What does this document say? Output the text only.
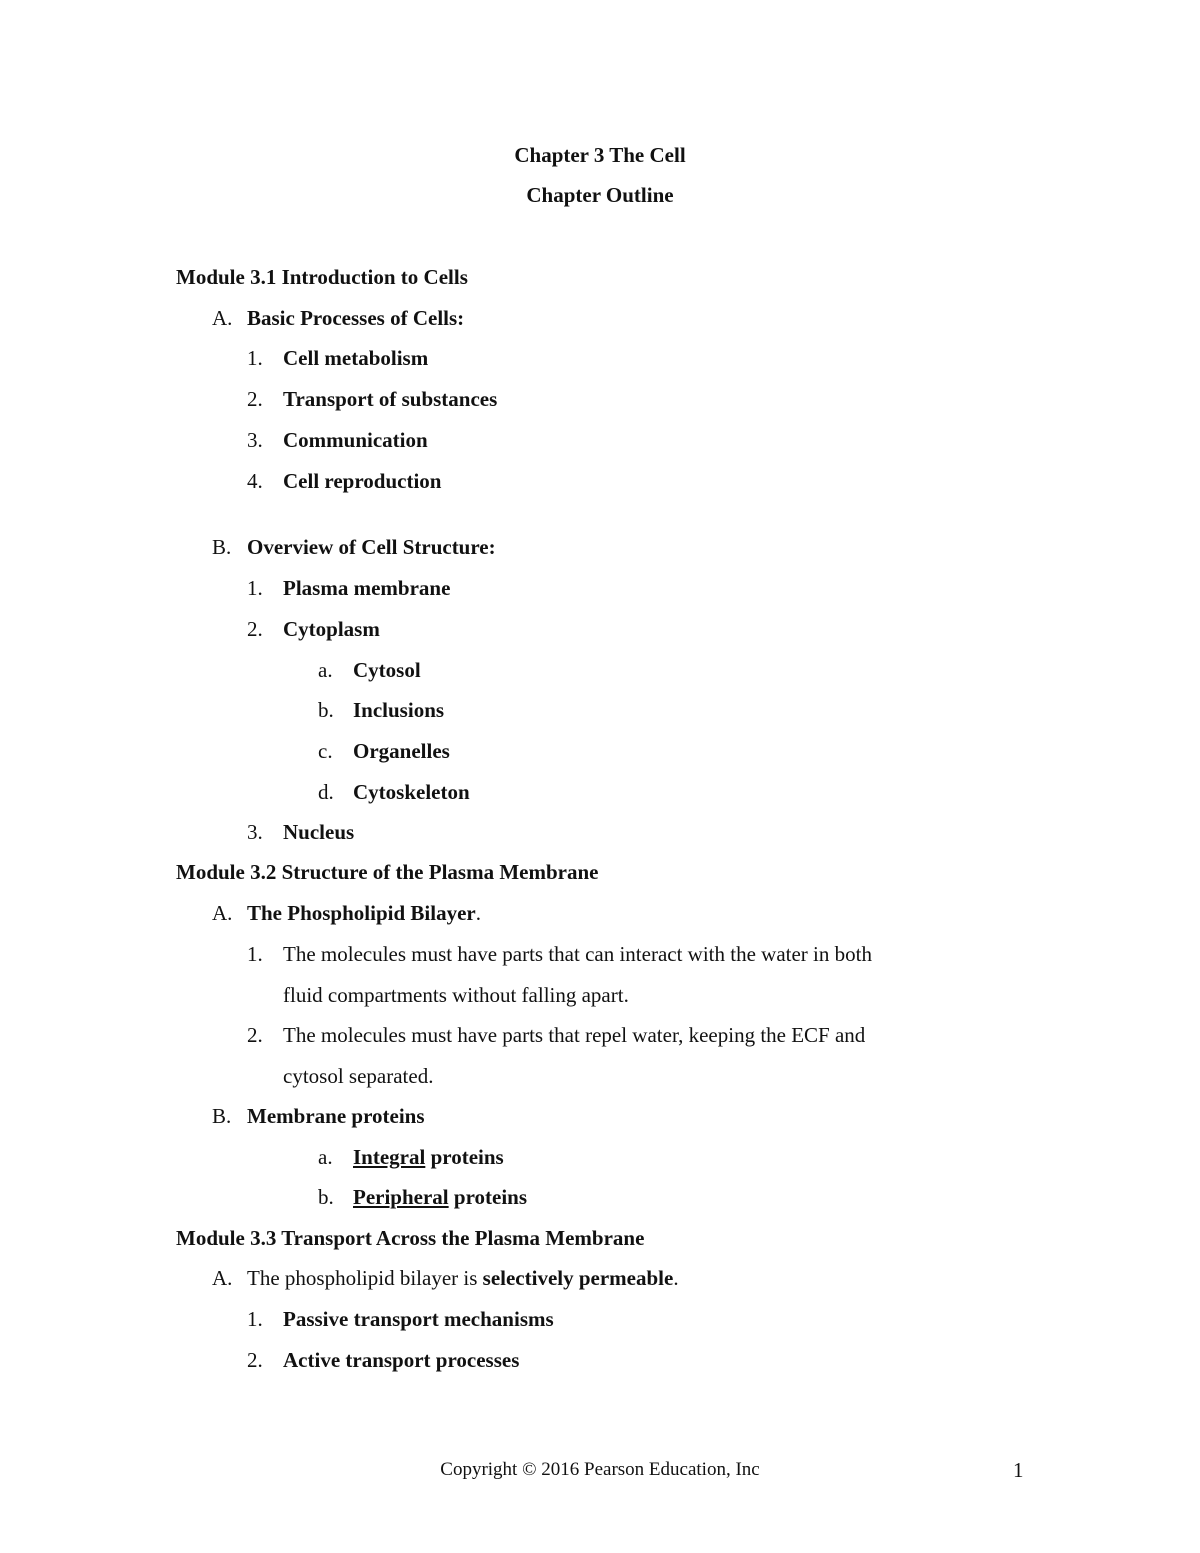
Chapter 3 The Cell
Chapter Outline
Module 3.1 Introduction to Cells
A. Basic Processes of Cells:
1. Cell metabolism
2. Transport of substances
3. Communication
4. Cell reproduction
B. Overview of Cell Structure:
1. Plasma membrane
2. Cytoplasm
a. Cytosol
b. Inclusions
c. Organelles
d. Cytoskeleton
3. Nucleus
Module 3.2 Structure of the Plasma Membrane
A. The Phospholipid Bilayer.
1. The molecules must have parts that can interact with the water in both
fluid compartments without falling apart.
2. The molecules must have parts that repel water, keeping the ECF and
cytosol separated.
B. Membrane proteins
a. Integral proteins
b. Peripheral proteins
Module 3.3 Transport Across the Plasma Membrane
A. The phospholipid bilayer is selectively permeable.
1. Passive transport mechanisms
2. Active transport processes
Copyright © 2016 Pearson Education, Inc	1
